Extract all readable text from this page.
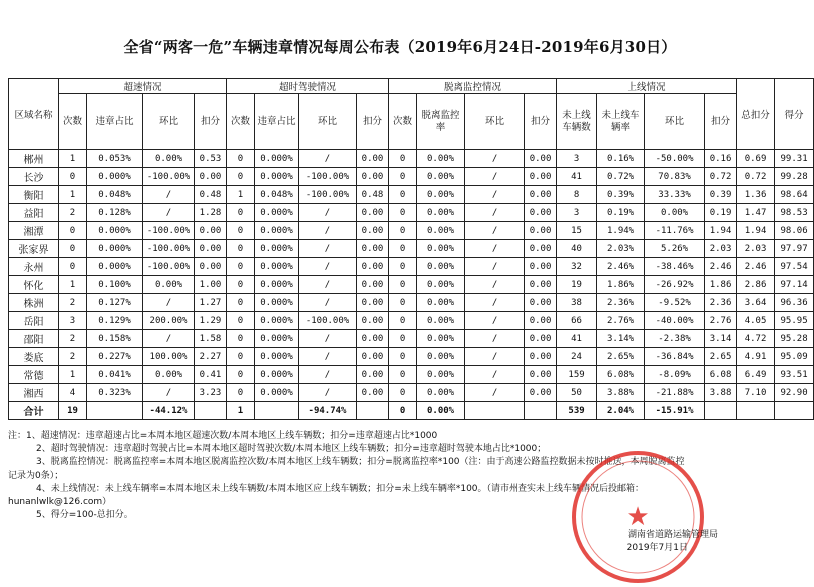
全省“两客一危”车辆违章情况每周公布表（2019年6月24日-2019年6月30日）
区域名称	超速情况				超时驾驶情况				脱离监控情况				上线情况				总扣分	得分
	次数	违章占比	环比	扣分	次数	违章占比	环比	扣分	次数	脱离监控率	环比	扣分	未上线车辆数	未上线车辆率	环比	扣分		
郴州	1	0.053%	0.00%	0.53	0	0.000%	/	0.00	0	0.00%	/	0.00	3	0.16%	-50.00%	0.16	0.69	99.31
长沙	0	0.000%	-100.00%	0.00	0	0.000%	-100.00%	0.00	0	0.00%	/	0.00	41	0.72%	70.83%	0.72	0.72	99.28
衡阳	1	0.048%	/	0.48	1	0.048%	-100.00%	0.48	0	0.00%	/	0.00	8	0.39%	33.33%	0.39	1.36	98.64
益阳	2	0.128%	/	1.28	0	0.000%	/	0.00	0	0.00%	/	0.00	3	0.19%	0.00%	0.19	1.47	98.53
湘潭	0	0.000%	-100.00%	0.00	0	0.000%	/	0.00	0	0.00%	/	0.00	15	1.94%	-11.76%	1.94	1.94	98.06
张家界	0	0.000%	-100.00%	0.00	0	0.000%	/	0.00	0	0.00%	/	0.00	40	2.03%	5.26%	2.03	2.03	97.97
永州	0	0.000%	-100.00%	0.00	0	0.000%	/	0.00	0	0.00%	/	0.00	32	2.46%	-38.46%	2.46	2.46	97.54
怀化	1	0.100%	0.00%	1.00	0	0.000%	/	0.00	0	0.00%	/	0.00	19	1.86%	-26.92%	1.86	2.86	97.14
株洲	2	0.127%	/	1.27	0	0.000%	/	0.00	0	0.00%	/	0.00	38	2.36%	-9.52%	2.36	3.64	96.36
岳阳	3	0.129%	200.00%	1.29	0	0.000%	-100.00%	0.00	0	0.00%	/	0.00	66	2.76%	-40.00%	2.76	4.05	95.95
邵阳	2	0.158%	/	1.58	0	0.000%	/	0.00	0	0.00%	/	0.00	41	3.14%	-2.38%	3.14	4.72	95.28
娄底	2	0.227%	100.00%	2.27	0	0.000%	/	0.00	0	0.00%	/	0.00	24	2.65%	-36.84%	2.65	4.91	95.09
常德	1	0.041%	0.00%	0.41	0	0.000%	/	0.00	0	0.00%	/	0.00	159	6.08%	-8.09%	6.08	6.49	93.51
湘西	4	0.323%	/	3.23	0	0.000%	/	0.00	0	0.00%	/	0.00	50	3.88%	-21.88%	3.88	7.10	92.90
合计	19		-44.12%		1		-94.74%		0	0.00%			539	2.04%	-15.91%			
注：1、超速情况：违章超速占比=本周本地区超速次数/本周本地区上线车辆数；扣分=违章超速占比*1000
2、超时驾驶情况：违章超时驾驶占比=本周本地区超时驾驶次数/本周本地区上线车辆数；扣分=违章超时驾驶本地占比*1000；
3、脱离监控情况：脱离监控率=本周本地区脱离监控次数/本周本地区上线车辆数；扣分=脱离监控率*100（注：由于高速公路监控数据未按时推送，本周脱离监控
记录为0条）；
4、未上线情况：未上线车辆率=本周本地区未上线车辆数/本周本地区应上线车辆数；扣分=未上线车辆率*100。（请市州查实未上线车辆情况后投邮箱：
hunanlwlk@126.com）
5、得分=100-总扣分。	★
湖南省道路运输管理局
2019年7月1日
